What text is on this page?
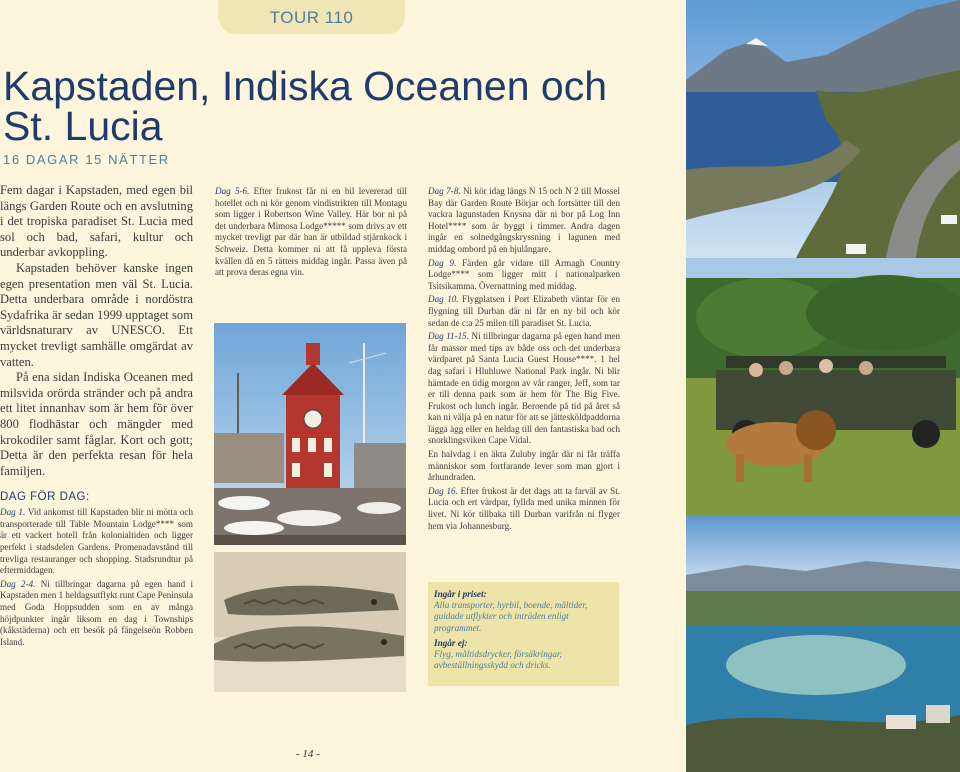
TOUR 110
Kapstaden, Indiska Oceanen och St. Lucia
16 DAGAR 15 NÄTTER

Fem dagar i Kapstaden, med egen bil längs Garden Route och en avslutning i det tropiska paradiset St. Lucia med sol och bad, safari, kultur och underbar avkoppling.

Kapstaden behöver kanske ingen egen presentation men väl St. Lucia. Detta underbara område i nordöstra Sydafrika är sedan 1999 upptaget som världsnaturarv av UNESCO. Ett mycket trevligt samhälle omgärdat av vatten.

På ena sidan Indiska Oceanen med milsvida orörda stränder och på andra ett litet innanhav som är hem för över 800 flodhästar och mängder med krokodiler samt fåglar. Kort och gott; Detta är den perfekta resan för hela familjen.

DAG FÖR DAG:

Dag 1. Vid ankomst till Kapstaden blir ni mötta och transporterade till Table Mountain Lodge**** som är ett vackert hotell från kolonialtiden och ligger perfekt i stadsdelen Gardens. Promenadavstånd till trevliga restauranger och shopping. Stadsrundtur på eftermiddagen.

Dag 2-4. Ni tillbringar dagarna på egen hand i Kapstaden men 1 heldagsutflykt runt Cape Peninsula med Goda Hoppsudden som en av många höjdpunkter ingår liksom en dag i Townships (kåkstäderna) och ett besök på fängelseön Robben Island.

Dag 5-6. Efter frukost får ni en bil levererad till hotellet och ni kör genom vindistrikten till Montagu som ligger i Robertson Wine Valley. Här bor ni på det underbara Mimosa Lodge***** som drivs av ett mycket trevligt par där han är utbildad stjärnkock i Schweiz. Detta kommer ni att få uppleva första kvällen då en 5 rätters middag ingår. Passa även på att prova deras egna vin.

Dag 7-8. Ni kör idag längs N 15 och N 2 till Mossel Bay där Garden Route Börjar och fortsätter till den vackra lagunstaden Knysna där ni bor på Log Inn Hotel**** som är byggt i timmer. Andra dagen ingår en solnedgångskryssning i lagunen med middag ombord på en hjulångare.

Dag 9. Färden går vidare till Armagh Country Lodge**** som ligger mitt i nationalparken Tsitsikamma. Övernattning med middag.

Dag 10. Flygplatsen i Port Elizabeth väntar för en flygning till Durban där ni får en ny bil och kör sedan de c:a 25 milen till paradiset St. Lucia.

Dag 11-15. Ni tillbringar dagarna på egen hand men får massor med tips av både oss och det underbara värdparet på Santa Lucia Guest House****. 1 hel dag safari i Hluhluwe National Park ingår. Ni blir hämtade en tidig morgon av vår ranger, Jeff, som tar er till denna park som är hem för The Big Five. Frukost och lunch ingår. Beroende på tid på året så kan ni välja på en natur för att se jättesköldpaddorna lägga ägg eller en heldag till den fantastiska bad och snorklingsviken Cape Vidal.

En halvdag i en äkta Zuluby ingår där ni får träffa människor som fortfarande lever som man gjort i århundraden.

Dag 16. Efter frukost är det dags att ta farväl av St. Lucia och ert värdpar, fyllda med unika minnen för livet. Ni kör tillbaka till Durban varifrån ni flyger hem via Johannesburg.

Ingår i priset:

Alla transporter, hyrbil, boende, måltider, guidade utflykter och inträden enligt programmet.

Ingår ej:

Flyg, måltidsdrycker, försäkringar, avbeställningsskydd och dricks.

- 14 -
